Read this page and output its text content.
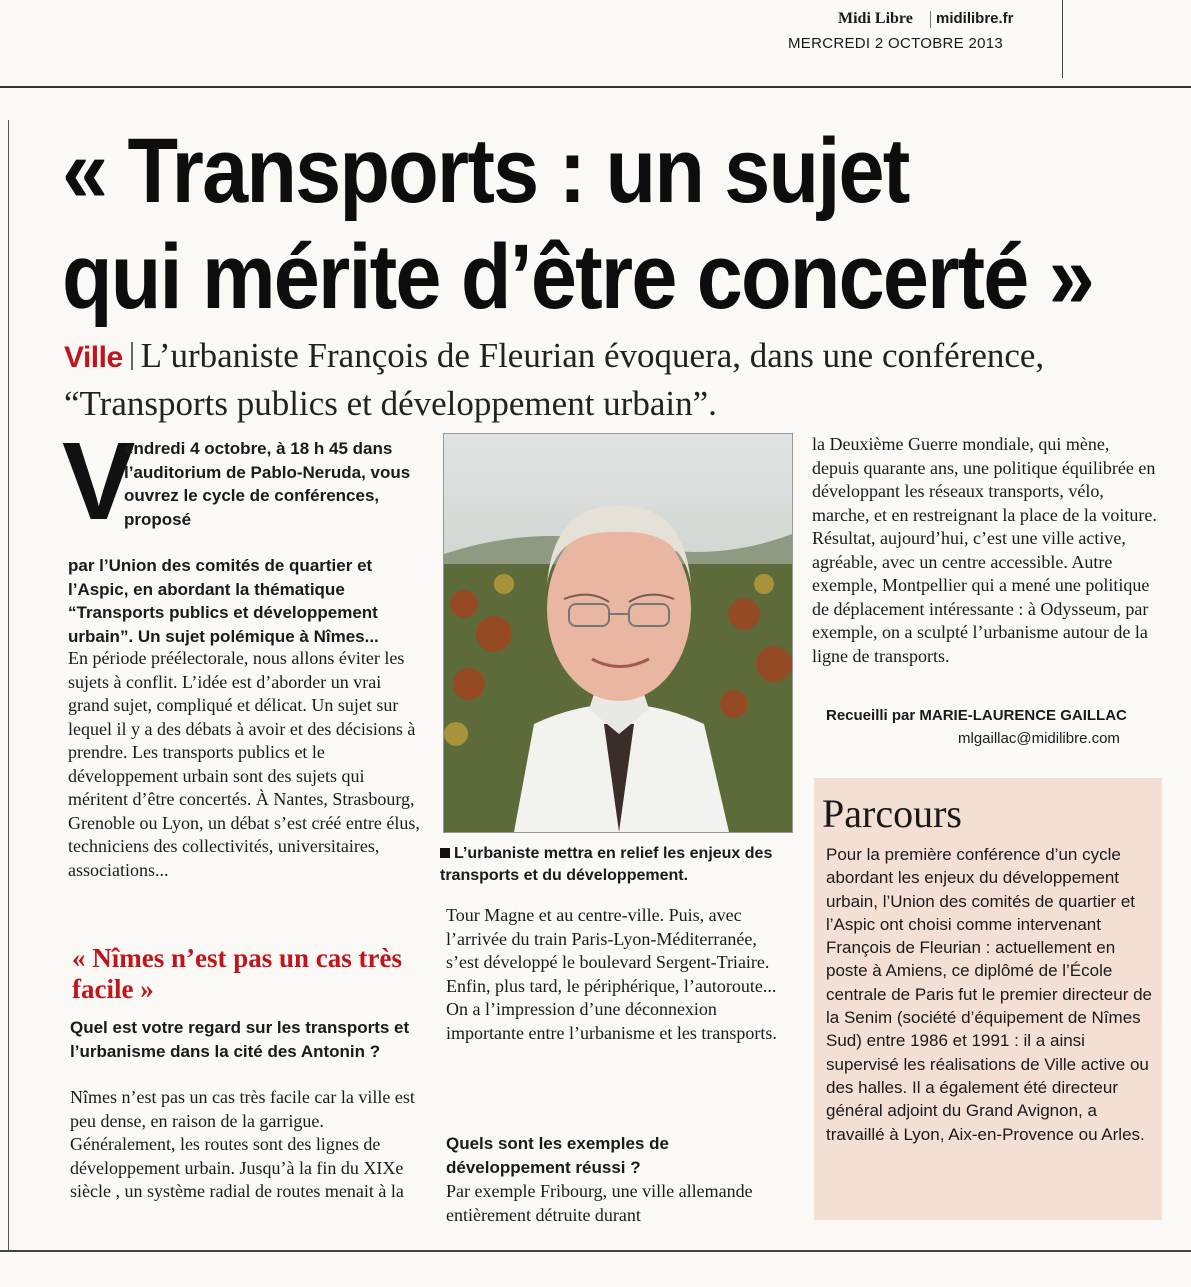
Midi Libre midilibre.fr
MERCREDI 2 OCTOBRE 2013
« Transports : un sujet
qui mérite d’être concerté »
Ville L’urbaniste François de Fleurian évoquera, dans une conférence, “Transports publics et développement urbain”.
V
endredi 4 octobre, à 18 h 45 dans l’auditorium de Pablo-Neruda, vous ouvrez le cycle de conférences, proposé
par l’Union des comités de quartier et l’Aspic, en abordant la thématique “Transports publics et développement urbain”. Un sujet polémique à Nîmes...
En période préélectorale, nous allons éviter les sujets à conflit. L’idée est d’aborder un vrai grand sujet, compliqué et délicat. Un sujet sur lequel il y a des débats à avoir et des décisions à prendre. Les transports publics et le développement urbain sont des sujets qui méritent d’être concertés. À Nantes, Strasbourg, Grenoble ou Lyon, un débat s’est créé entre élus, techniciens des collectivités, universitaires, associations...
« Nîmes n’est pas un cas très facile »
Quel est votre regard sur les transports et l’urbanisme dans la cité des Antonin ?
Nîmes n’est pas un cas très facile car la ville est peu dense, en raison de la garrigue. Généralement, les routes sont des lignes de développement urbain. Jusqu’à la fin du XIXe siècle , un système radial de routes menait à la
L’urbaniste mettra en relief les enjeux des transports et du développement.
Tour Magne et au centre-ville. Puis, avec l’arrivée du train Paris-Lyon-Méditerranée, s’est développé le boulevard Sergent-Triaire. Enfin, plus tard, le périphérique, l’autoroute... On a l’impression d’une déconnexion importante entre l’urbanisme et les transports.
Quels sont les exemples de développement réussi ?
Par exemple Fribourg, une ville allemande entièrement détruite durant
la Deuxième Guerre mondiale, qui mène, depuis quarante ans, une politique équilibrée en développant les réseaux transports, vélo, marche, et en restreignant la place de la voiture. Résultat, aujourd’hui, c’est une ville active, agréable, avec un centre accessible. Autre exemple, Montpellier qui a mené une politique de déplacement intéressante : à Odysseum, par exemple, on a sculpté l’urbanisme autour de la ligne de transports.
Recueilli par MARIE-LAURENCE GAILLAC
mlgaillac@midilibre.com
Parcours
Pour la première conférence d’un cycle abordant les enjeux du développement urbain, l’Union des comités de quartier et l’Aspic ont choisi comme intervenant François de Fleurian : actuellement en poste à Amiens, ce diplômé de l’École centrale de Paris fut le premier directeur de la Senim (société d’équipement de Nîmes Sud) entre 1986 et 1991 : il a ainsi supervisé les réalisations de Ville active ou des halles. Il a également été directeur général adjoint du Grand Avignon, a travaillé à Lyon, Aix-en-Provence ou Arles.
